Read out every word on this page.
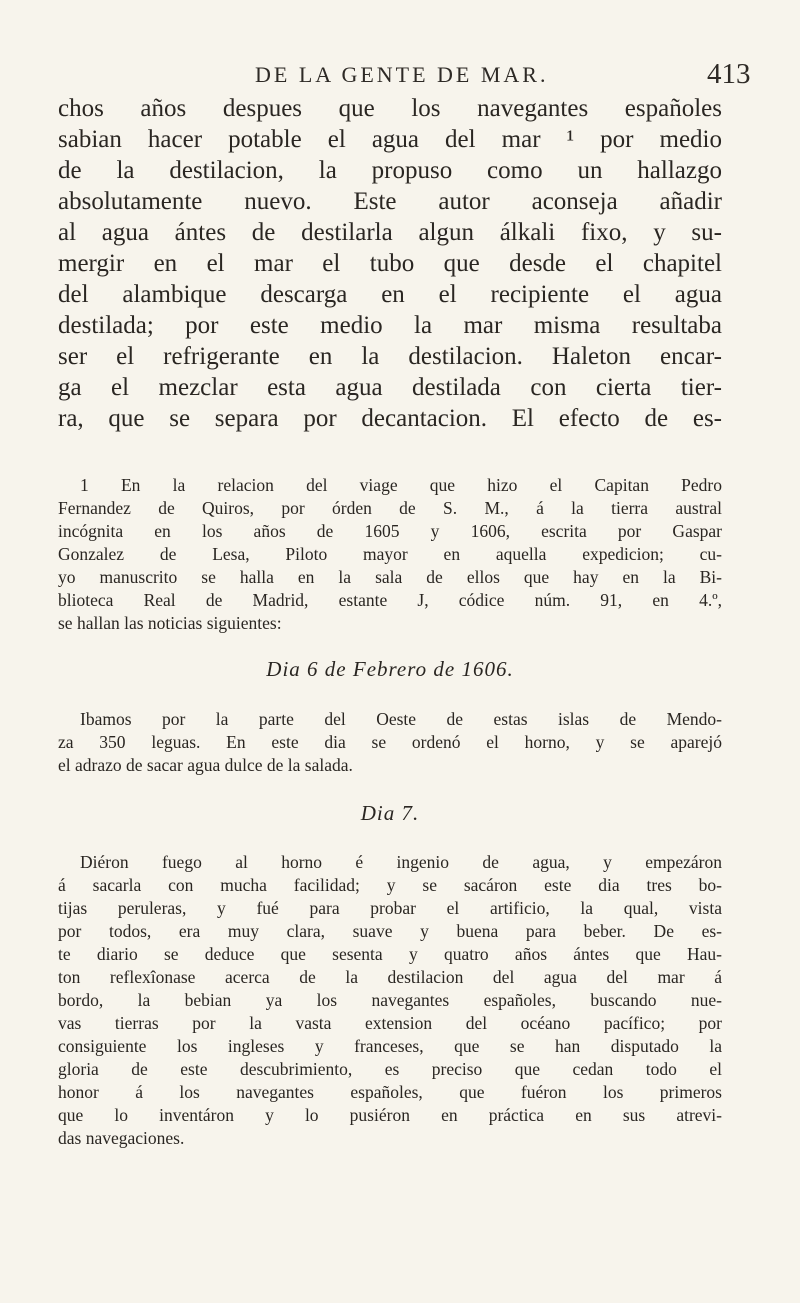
DE LA GENTE DE MAR.	413
chos años despues que los navegantes españoles
sabian hacer potable el agua del mar ¹ por medio
de la destilacion, la propuso como un hallazgo
absolutamente nuevo. Este autor aconseja añadir
al agua ántes de destilarla algun álkali fixo, y su-
mergir en el mar el tubo que desde el chapitel
del alambique descarga en el recipiente el agua
destilada; por este medio la mar misma resultaba
ser el refrigerante en la destilacion. Haleton encar-
ga el mezclar esta agua destilada con cierta tier-
ra, que se separa por decantacion. El efecto de es-
1 En la relacion del viage que hizo el Capitan Pedro
Fernandez de Quiros, por órden de S. M., á la tierra austral
incógnita en los años de 1605 y 1606, escrita por Gaspar
Gonzalez de Lesa, Piloto mayor en aquella expedicion; cu-
yo manuscrito se halla en la sala de ellos que hay en la Bi-
blioteca Real de Madrid, estante J, códice núm. 91, en 4.º,
se hallan las noticias siguientes:
Dia 6 de Febrero de 1606.
Ibamos por la parte del Oeste de estas islas de Mendo-
za 350 leguas. En este dia se ordenó el horno, y se aparejó
el adrazo de sacar agua dulce de la salada.
Dia 7.
Diéron fuego al horno é ingenio de agua, y empezáron
á sacarla con mucha facilidad; y se sacáron este dia tres bo-
tijas peruleras, y fué para probar el artificio, la qual, vista
por todos, era muy clara, suave y buena para beber. De es-
te diario se deduce que sesenta y quatro años ántes que Hau-
ton reflexîonase acerca de la destilacion del agua del mar á
bordo, la bebian ya los navegantes españoles, buscando nue-
vas tierras por la vasta extension del océano pacífico; por
consiguiente los ingleses y franceses, que se han disputado la
gloria de este descubrimiento, es preciso que cedan todo el
honor á los navegantes españoles, que fuéron los primeros
que lo inventáron y lo pusiéron en práctica en sus atrevi-
das navegaciones.
